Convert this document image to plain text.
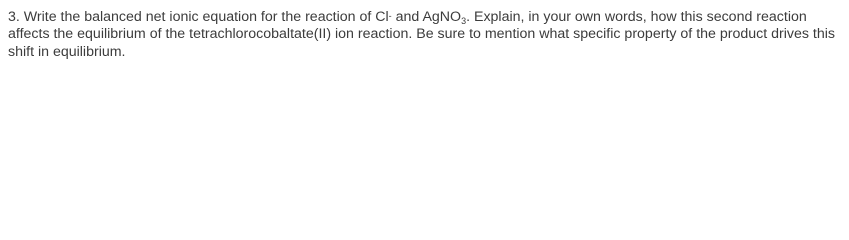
3. Write the balanced net ionic equation for the reaction of Cl- and AgNO$_3$. Explain, in your own words, how this second reaction affects the equilibrium of the tetrachlorocobaltate(II) ion reaction. Be sure to mention what specific property of the product drives this shift in equilibrium.
